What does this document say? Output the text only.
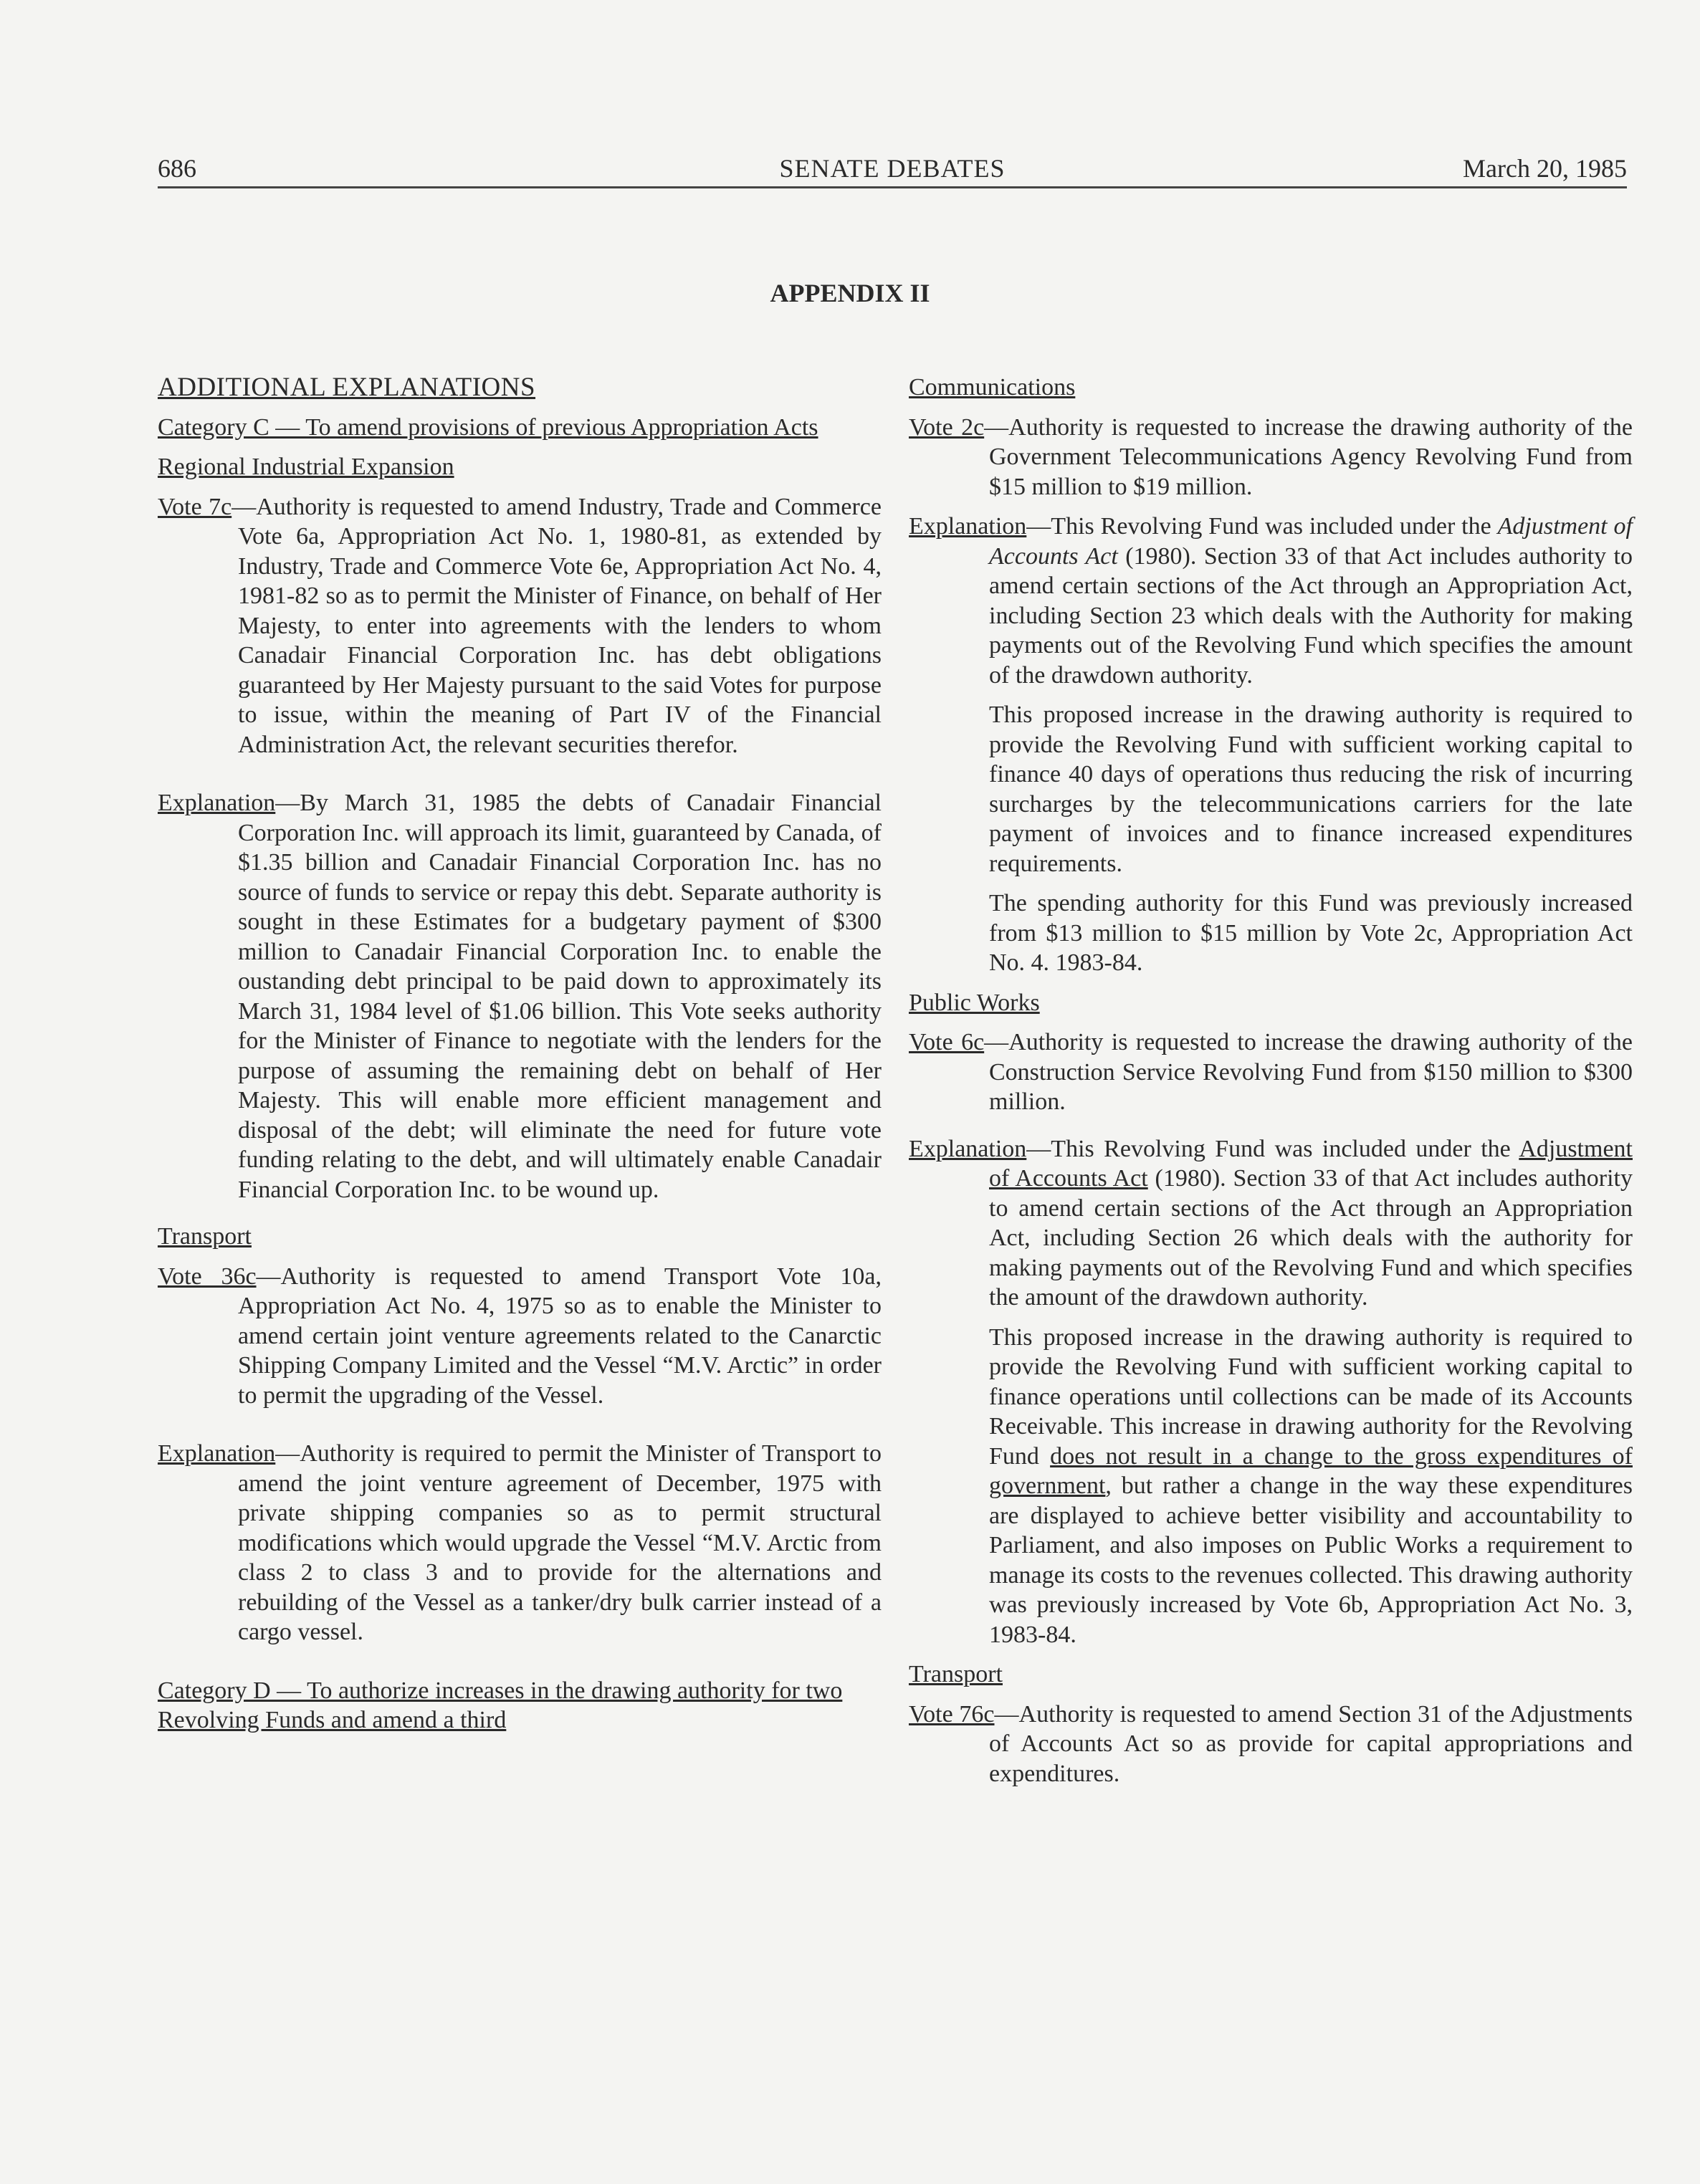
686	SENATE DEBATES	March 20, 1985
APPENDIX II
ADDITIONAL EXPLANATIONS
Category C — To amend provisions of previous Appropriation Acts
Regional Industrial Expansion
Vote 7c—Authority is requested to amend Industry, Trade and Commerce Vote 6a, Appropriation Act No. 1, 1980-81, as extended by Industry, Trade and Commerce Vote 6e, Appropriation Act No. 4, 1981-82 so as to permit the Minister of Finance, on behalf of Her Majesty, to enter into agreements with the lenders to whom Canadair Financial Corporation Inc. has debt obligations guaranteed by Her Majesty pursuant to the said Votes for purpose to issue, within the meaning of Part IV of the Financial Administration Act, the relevant securities therefor.
Explanation—By March 31, 1985 the debts of Canadair Financial Corporation Inc. will approach its limit, guaranteed by Canada, of $1.35 billion and Canadair Financial Corporation Inc. has no source of funds to service or repay this debt. Separate authority is sought in these Estimates for a budgetary payment of $300 million to Canadair Financial Corporation Inc. to enable the oustanding debt principal to be paid down to approximately its March 31, 1984 level of $1.06 billion. This Vote seeks authority for the Minister of Finance to negotiate with the lenders for the purpose of assuming the remaining debt on behalf of Her Majesty. This will enable more efficient management and disposal of the debt; will eliminate the need for future vote funding relating to the debt, and will ultimately enable Canadair Financial Corporation Inc. to be wound up.
Transport
Vote 36c—Authority is requested to amend Transport Vote 10a, Appropriation Act No. 4, 1975 so as to enable the Minister to amend certain joint venture agreements related to the Canarctic Shipping Company Limited and the Vessel “M.V. Arctic” in order to permit the upgrading of the Vessel.
Explanation—Authority is required to permit the Minister of Transport to amend the joint venture agreement of December, 1975 with private shipping companies so as to permit structural modifications which would upgrade the Vessel “M.V. Arctic from class 2 to class 3 and to provide for the alternations and rebuilding of the Vessel as a tanker/dry bulk carrier instead of a cargo vessel.
Category D — To authorize increases in the drawing authority for two Revolving Funds and amend a third
Communications
Vote 2c—Authority is requested to increase the drawing authority of the Government Telecommunications Agency Revolving Fund from $15 million to $19 million.
Explanation—This Revolving Fund was included under the Adjustment of Accounts Act (1980). Section 33 of that Act includes authority to amend certain sections of the Act through an Appropriation Act, including Section 23 which deals with the Authority for making payments out of the Revolving Fund which specifies the amount of the drawdown authority.
This proposed increase in the drawing authority is required to provide the Revolving Fund with sufficient working capital to finance 40 days of operations thus reducing the risk of incurring surcharges by the telecommunications carriers for the late payment of invoices and to finance increased expenditures requirements.
The spending authority for this Fund was previously increased from $13 million to $15 million by Vote 2c, Appropriation Act No. 4. 1983-84.
Public Works
Vote 6c—Authority is requested to increase the drawing authority of the Construction Service Revolving Fund from $150 million to $300 million.
Explanation—This Revolving Fund was included under the Adjustment of Accounts Act (1980). Section 33 of that Act includes authority to amend certain sections of the Act through an Appropriation Act, including Section 26 which deals with the authority for making payments out of the Revolving Fund and which specifies the amount of the drawdown authority.
This proposed increase in the drawing authority is required to provide the Revolving Fund with sufficient working capital to finance operations until collections can be made of its Accounts Receivable. This increase in drawing authority for the Revolving Fund does not result in a change to the gross expenditures of government, but rather a change in the way these expenditures are displayed to achieve better visibility and accountability to Parliament, and also imposes on Public Works a requirement to manage its costs to the revenues collected. This drawing authority was previously increased by Vote 6b, Appropriation Act No. 3, 1983-84.
Transport
Vote 76c—Authority is requested to amend Section 31 of the Adjustments of Accounts Act so as provide for capital appropriations and expenditures.
